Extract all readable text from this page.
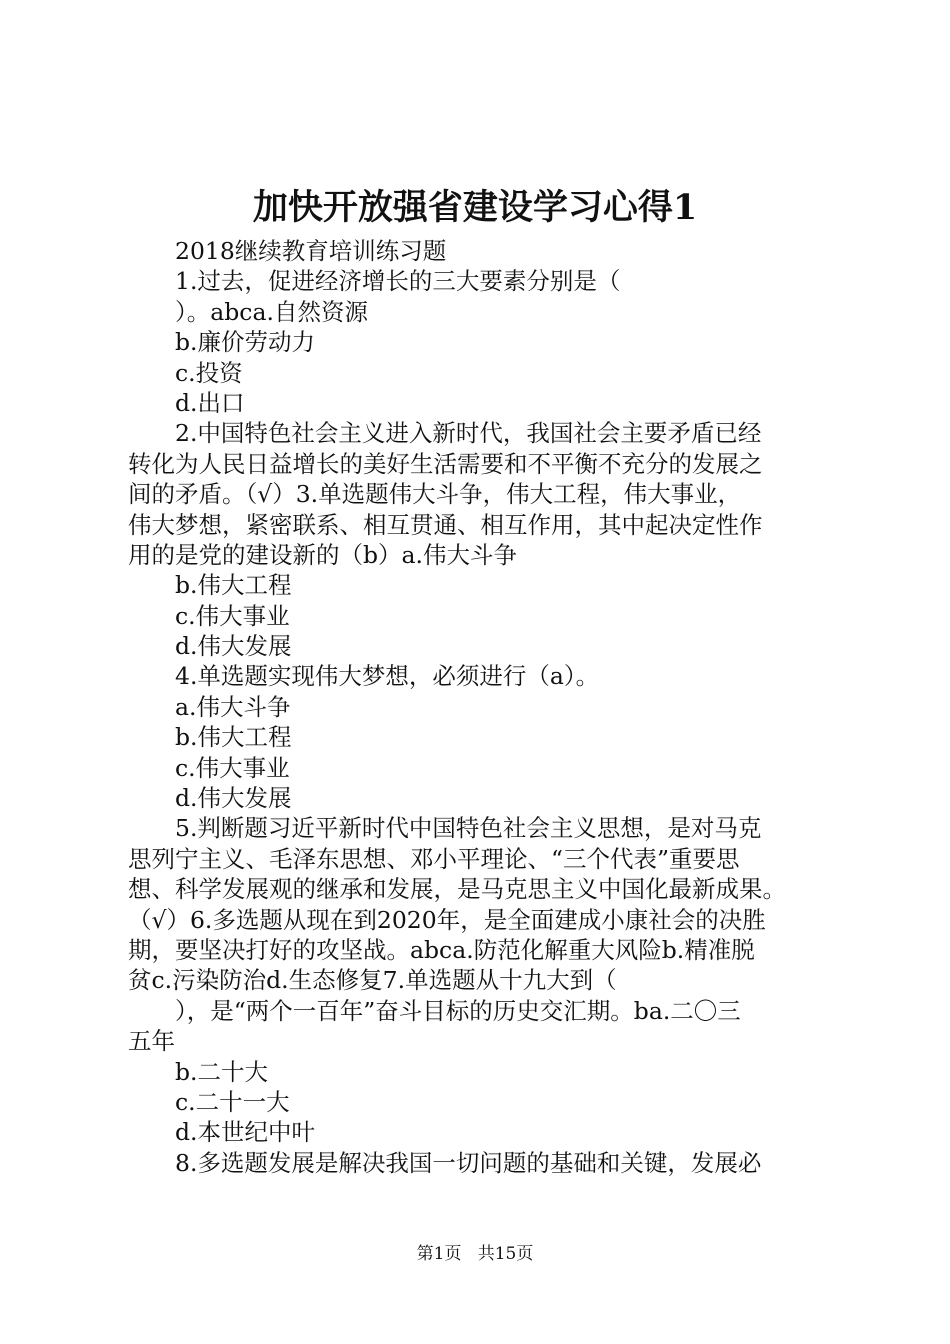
加快开放强省建设学习心得1
2018继续教育培训练习题
1.过去，促进经济增长的三大要素分别是（
）。abca.自然资源
b.廉价劳动力
c.投资
d.出口
2.中国特色社会主义进入新时代，我国社会主要矛盾已经
转化为人民日益增长的美好生活需要和不平衡不充分的发展之
间的矛盾。（√）3.单选题伟大斗争，伟大工程，伟大事业，
伟大梦想，紧密联系、相互贯通、相互作用，其中起决定性作
用的是党的建设新的（b）a.伟大斗争
b.伟大工程
c.伟大事业
d.伟大发展
4.单选题实现伟大梦想，必须进行（a）。
a.伟大斗争
b.伟大工程
c.伟大事业
d.伟大发展
5.判断题习近平新时代中国特色社会主义思想，是对马克
思列宁主义、毛泽东思想、邓小平理论、“三个代表”重要思
想、科学发展观的继承和发展，是马克思主义中国化最新成果。
（√）6.多选题从现在到2020年，是全面建成小康社会的决胜
期，要坚决打好的攻坚战。abca.防范化解重大风险b.精准脱
贫c.污染防治d.生态修复7.单选题从十九大到（
），是“两个一百年”奋斗目标的历史交汇期。ba.二〇三
五年
b.二十大
c.二十一大
d.本世纪中叶
8.多选题发展是解决我国一切问题的基础和关键，发展必
第1页 共15页
